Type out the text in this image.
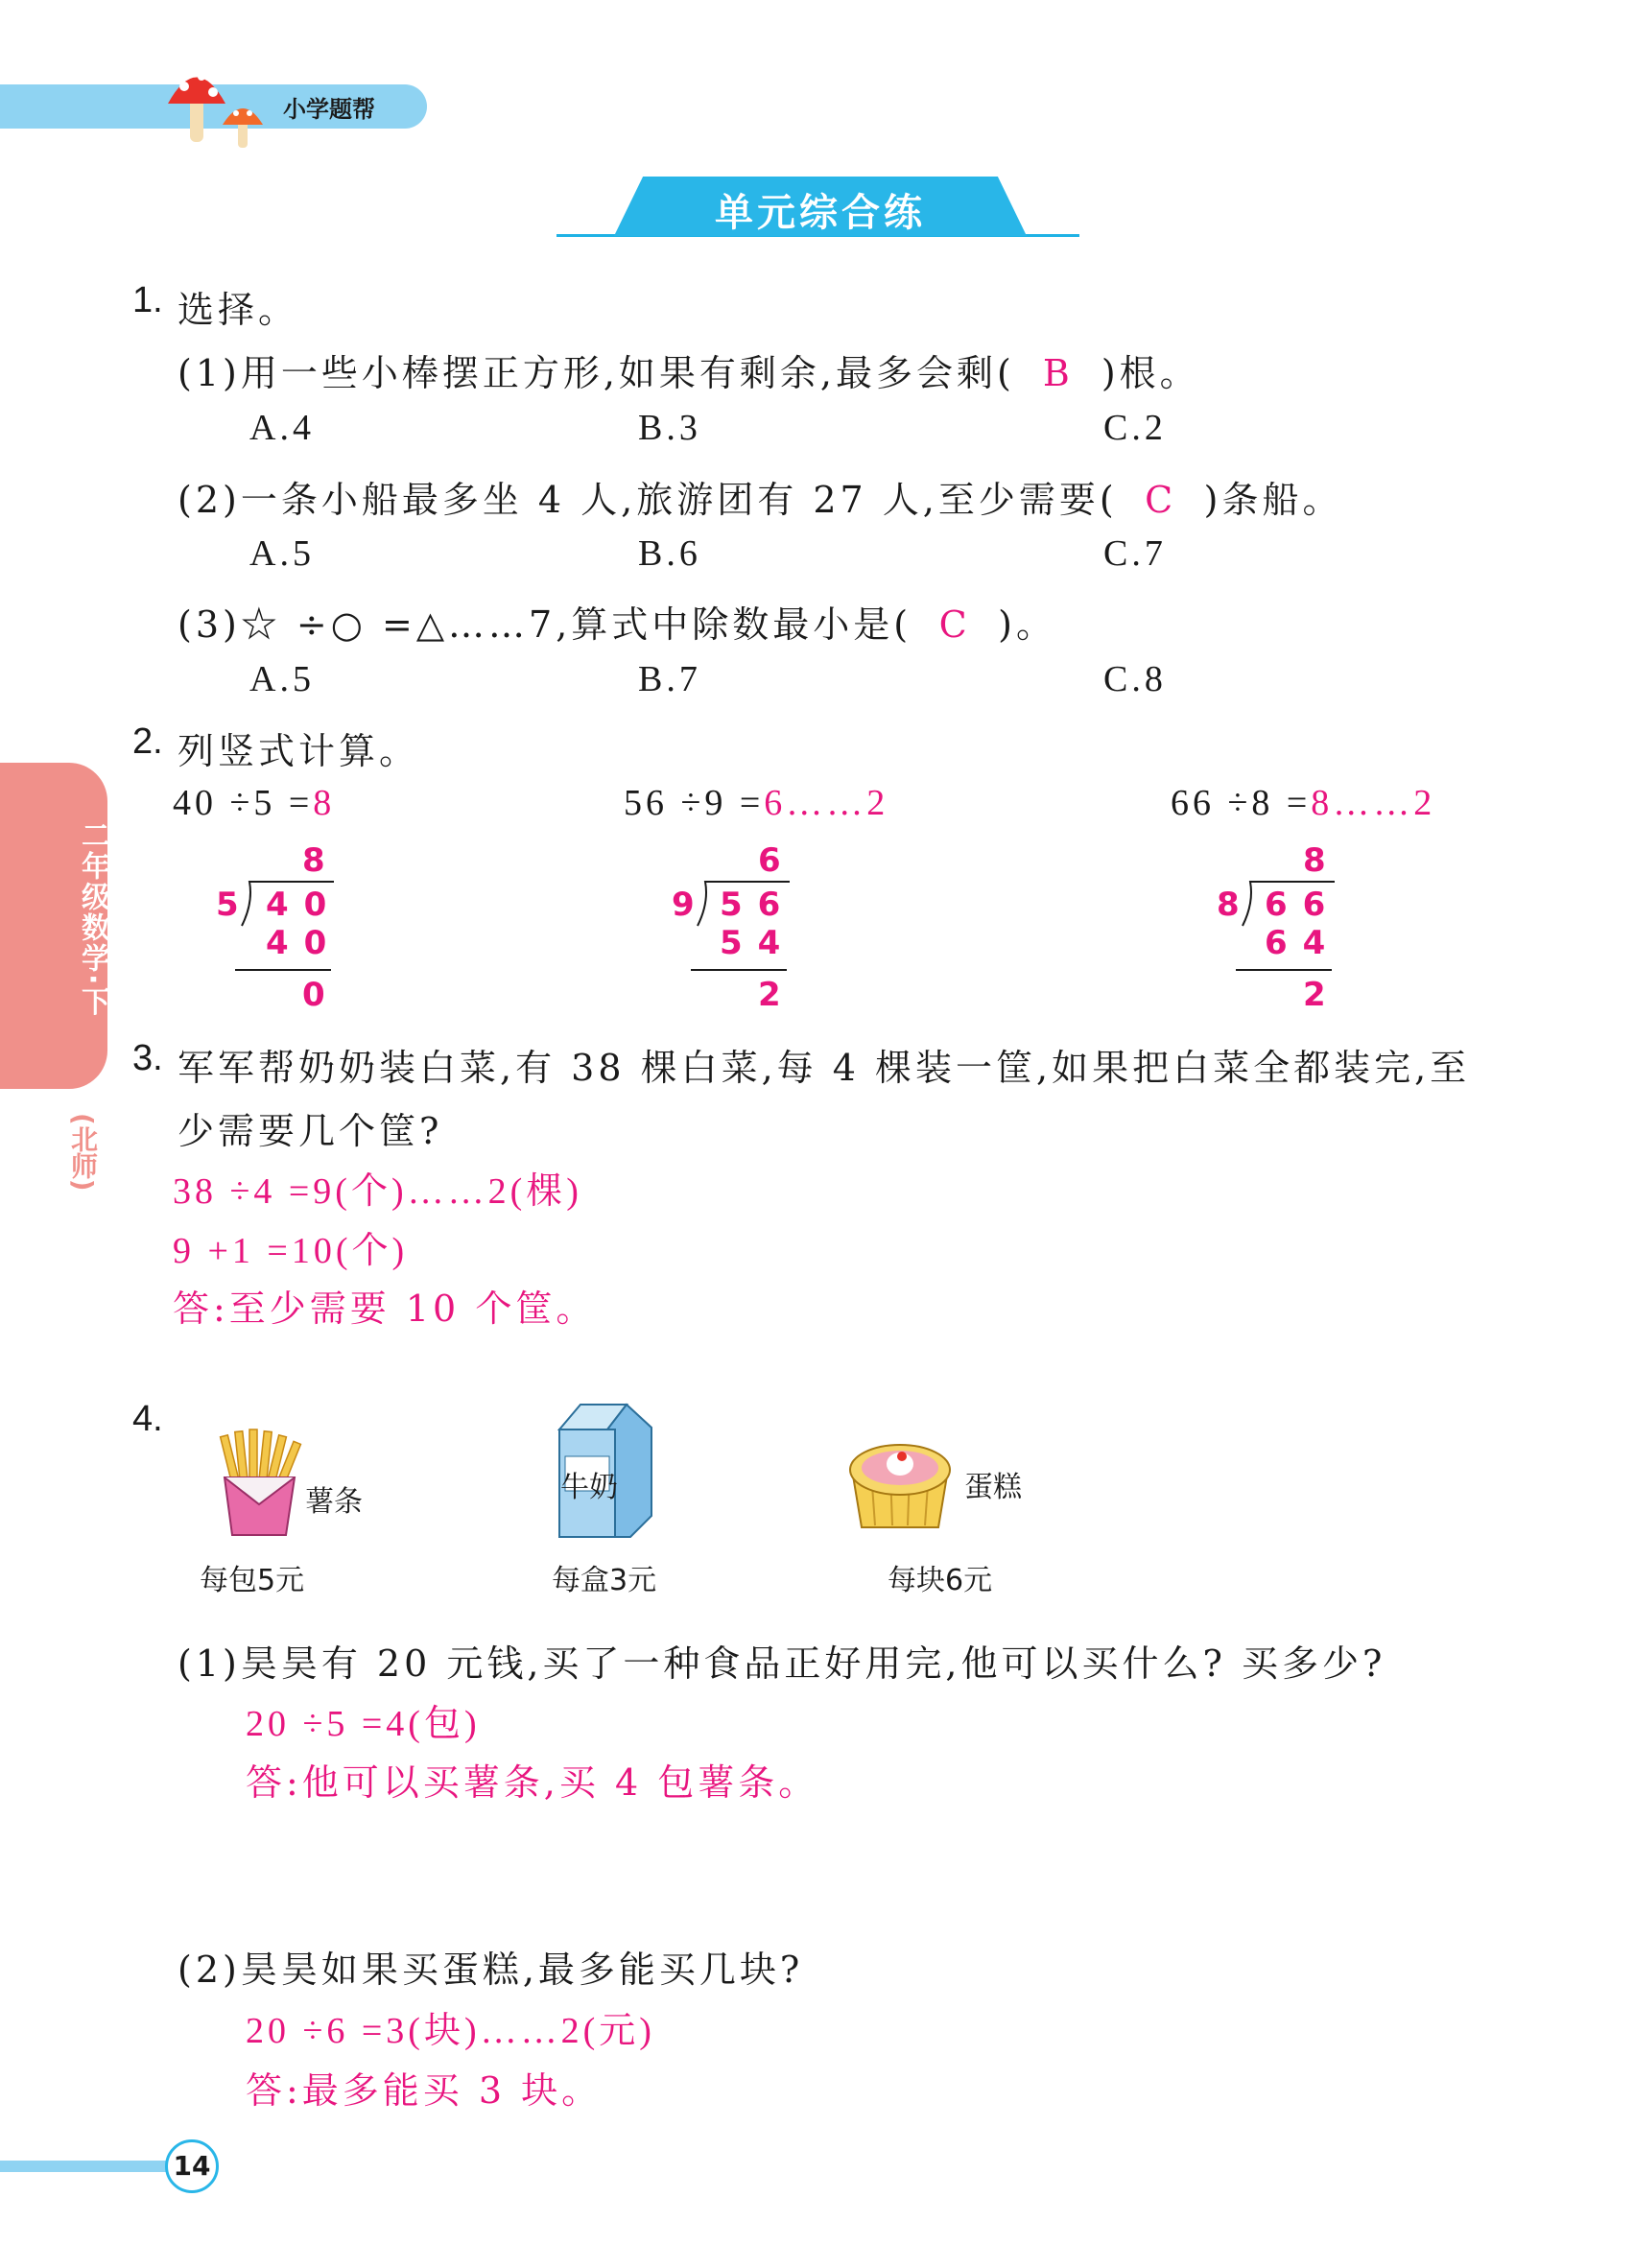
小学题帮
单元综合练
二年级数学·下
(北师)
1. 选择。
(1)用一些小棒摆正方形,如果有剩余,最多会剩( B )根。
A.4	B.3	C.2
(2)一条小船最多坐 4 人,旅游团有 27 人,至少需要( C )条船。
A.5	B.6	C.7
(3)☆ ÷○ =△……7,算式中除数最小是( C )。
A.5	B.7	C.8
2. 列竖式计算。
40 ÷5 =8
8
5 40
40
0
56 ÷9 =6……2
6
9 56
54
2
66 ÷8 =8……2
8
8 66
64
2
3. 军军帮奶奶装白菜,有 38 棵白菜,每 4 棵装一筐,如果把白菜全都装完,至
少需要几个筐?
38 ÷4 =9(个)……2(棵)
9 +1 =10(个)
答:至少需要 10 个筐。
4.
薯条
每包5元
牛奶
每盒3元
蛋糕
每块6元
(1)昊昊有 20 元钱,买了一种食品正好用完,他可以买什么? 买多少?
20 ÷5 =4(包)
答:他可以买薯条,买 4 包薯条。
(2)昊昊如果买蛋糕,最多能买几块?
20 ÷6 =3(块)……2(元)
答:最多能买 3 块。
14
